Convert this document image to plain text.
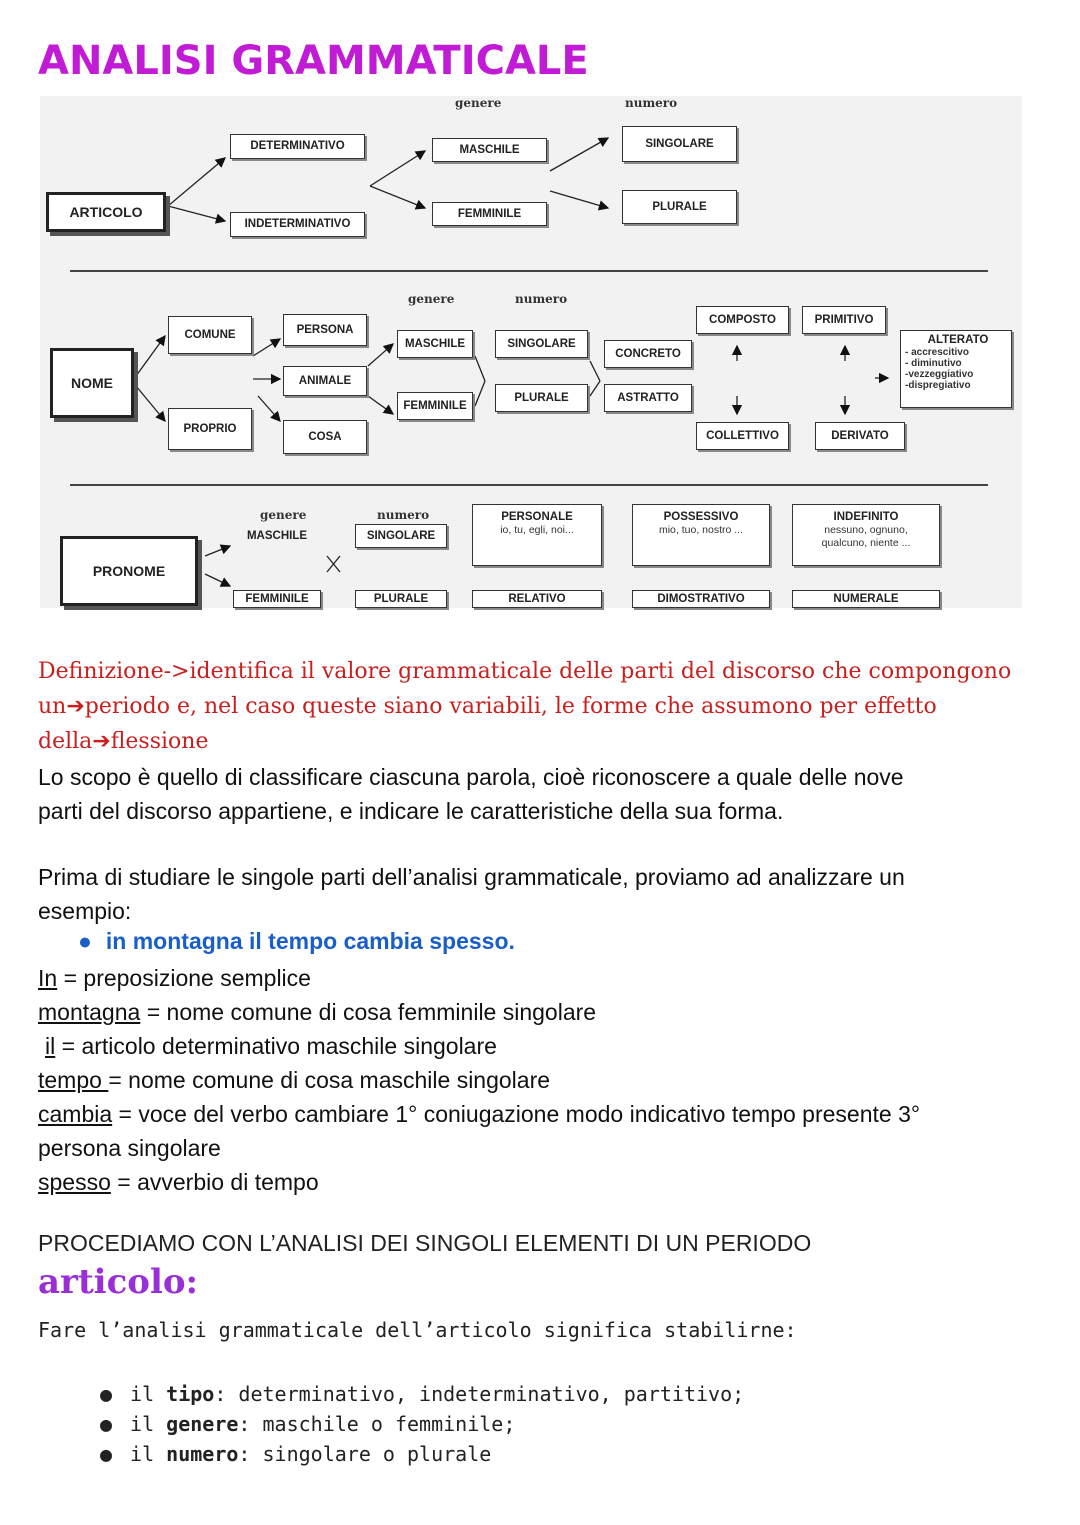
ANALISI GRAMMATICALE
ARTICOLO
DETERMINATIVO
INDETERMINATIVO
genere	numero
MASCHILE
FEMMINILE
SINGOLARE
PLURALE
NOME
COMUNE
PROPRIO
PERSONA
ANIMALE
COSA
genere	numero
MASCHILE
FEMMINILE
SINGOLARE
PLURALE
CONCRETO
ASTRATTO
COMPOSTO
COLLETTIVO
PRIMITIVO
DERIVATO
ALTERATO
- accrescitivo
- diminutivo
-vezzeggiativo
-dispregiativo
PRONOME
genere
MASCHILE
FEMMINILE
numero
SINGOLARE
PLURALE
PERSONALE
io, tu, egli, noi...
RELATIVO
POSSESSIVO
mio, tuo, nostro ...
DIMOSTRATIVO
INDEFINITO
nessuno, ognuno,
qualcuno, niente ...
NUMERALE
Definizione->identifica il valore grammaticale delle parti del discorso che compongono
un➔periodo e, nel caso queste siano variabili, le forme che assumono per effetto
della➔flessione
Lo scopo è quello di classificare ciascuna parola, cioè riconoscere a quale delle nove
parti del discorso appartiene, e indicare le caratteristiche della sua forma.
Prima di studiare le singole parti dell’analisi grammaticale, proviamo ad analizzare un
esempio:
● in montagna il tempo cambia spesso.
In = preposizione semplice
montagna = nome comune di cosa femminile singolare
il = articolo determinativo maschile singolare
tempo = nome comune di cosa maschile singolare
cambia = voce del verbo cambiare 1° coniugazione modo indicativo tempo presente 3°
persona singolare
spesso = avverbio di tempo
PROCEDIAMO CON L’ANALISI DEI SINGOLI ELEMENTI DI UN PERIODO
articolo:
Fare l’analisi grammaticale dell’articolo significa stabilirne:
● il tipo: determinativo, indeterminativo, partitivo;
● il genere: maschile o femminile;
● il numero: singolare o plurale
